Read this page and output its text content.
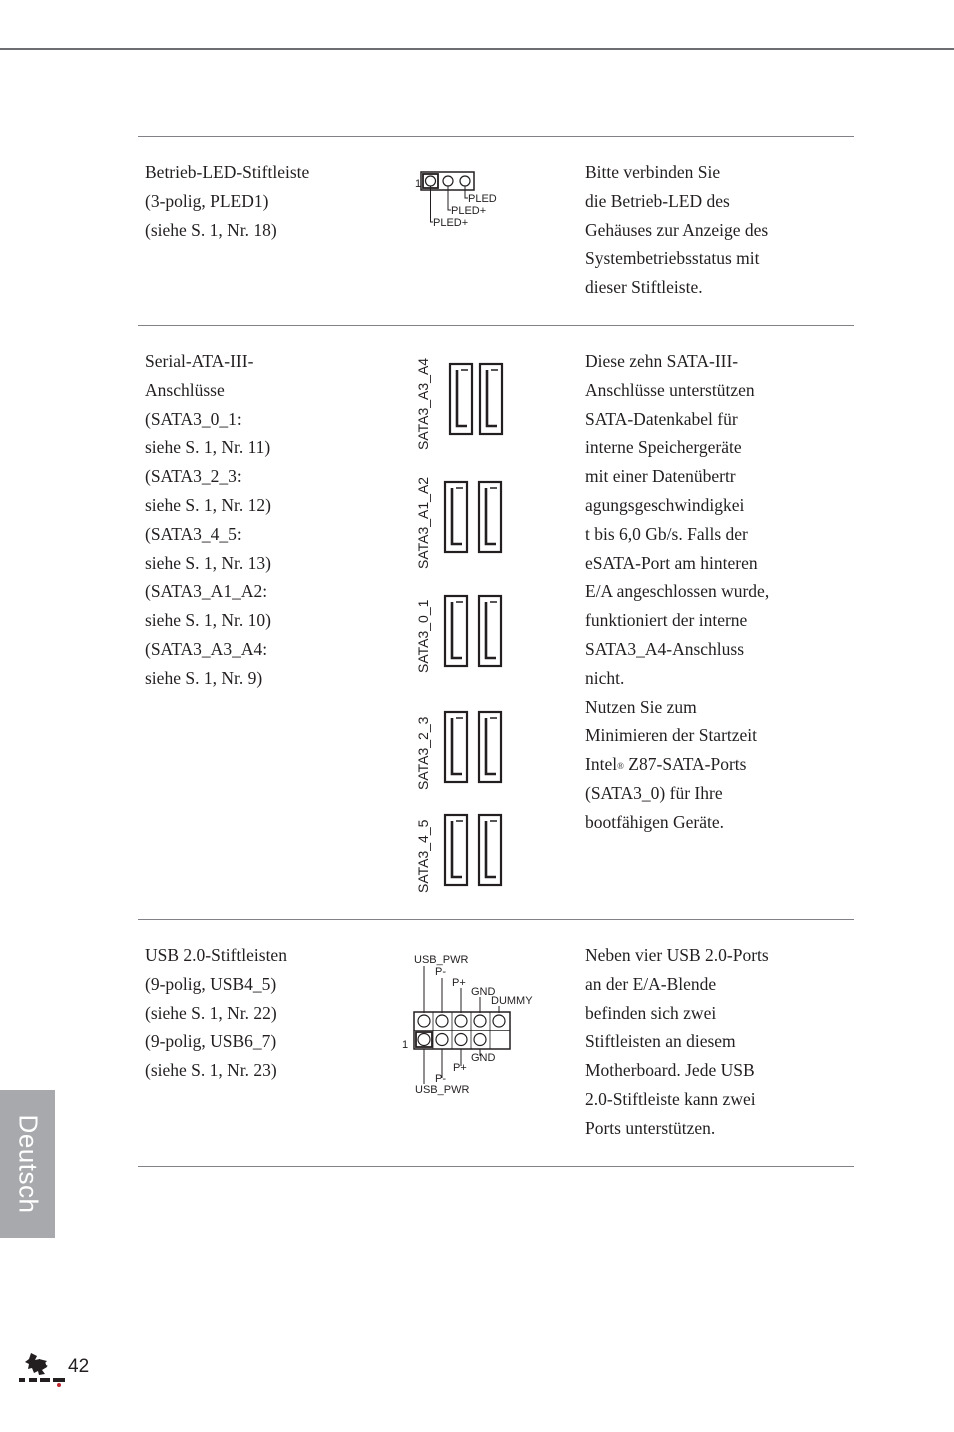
Betrieb-LED-Stiftleiste
(3-polig, PLED1)
(siehe S. 1, Nr. 18)
1
PLED
PLED+
PLED+
Bitte verbinden Sie
die Betrieb-LED des
Gehäuses zur Anzeige des
Systembetriebsstatus mit
dieser Stiftleiste.
Serial-ATA-III-
Anschlüsse
(SATA3_0_1:
siehe S. 1, Nr. 11)
(SATA3_2_3:
siehe S. 1, Nr. 12)
(SATA3_4_5:
siehe S. 1, Nr. 13)
(SATA3_A1_A2:
siehe S. 1, Nr. 10)
(SATA3_A3_A4:
siehe S. 1, Nr. 9)
SATA3_A3_A4
SATA3_A1_A2
SATA3_0_1
SATA3_2_3
SATA3_4_5
Diese zehn SATA-III-
Anschlüsse unterstützen
SATA-Datenkabel für
interne Speichergeräte
mit einer Datenübertr
agungsgeschwindigkei
t bis 6,0 Gb/s. Falls der
eSATA-Port am hinteren
E/A angeschlossen wurde,
funktioniert der interne
SATA3_A4-Anschluss
nicht.
Nutzen Sie zum
Minimieren der Startzeit
Intel® Z87-SATA-Ports
(SATA3_0) für Ihre
bootfähigen Geräte.
USB 2.0-Stiftleisten
(9-polig, USB4_5)
(siehe S. 1, Nr. 22)
(9-polig, USB6_7)
(siehe S. 1, Nr. 23)
USB_PWR
P-
P+
GND
DUMMY
1
GND
P+
P-
USB_PWR
Neben vier USB 2.0-Ports
an der E/A-Blende
befinden sich zwei
Stiftleisten an diesem
Motherboard. Jede USB
2.0-Stiftleiste kann zwei
Ports unterstützen.
Deutsch
42
